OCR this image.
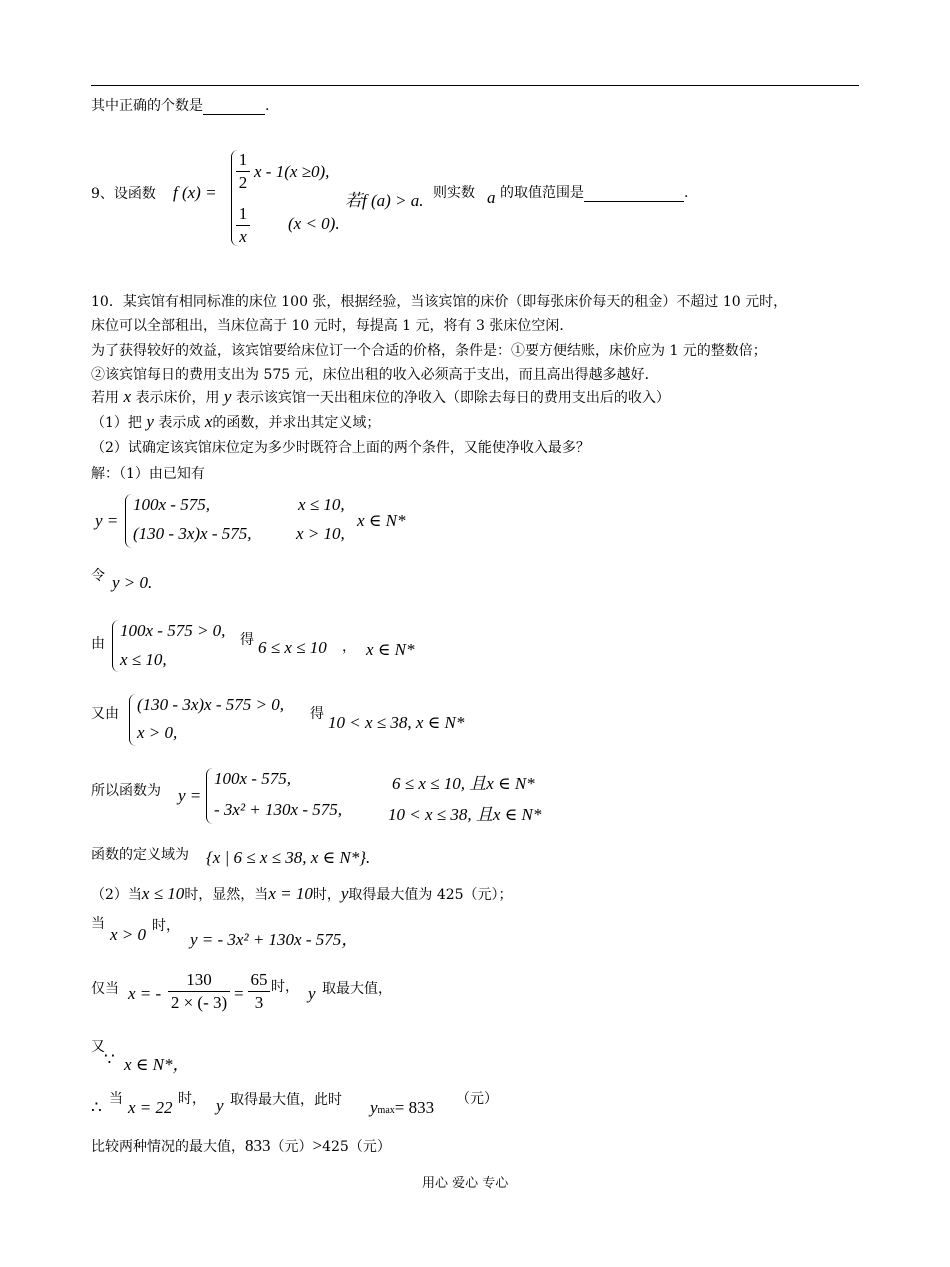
其中正确的个数是	.
9、设函数 f (x) =
1
2
x - 1(x ≥0),
1
x
(x < 0).
若f (a) > a. 则实数 a 的取值范围是	.
10．某宾馆有相同标准的床位 100 张，根据经验，当该宾馆的床价（即每张床价每天的租金）不超过 10 元时，
床位可以全部租出，当床位高于 10 元时，每提高 1 元，将有 3 张床位空闲．
为了获得较好的效益，该宾馆要给床位订一个合适的价格，条件是：①要方便结账，床价应为 1 元的整数倍；
②该宾馆每日的费用支出为 575 元，床位出租的收入必须高于支出，而且高出得越多越好．
若用 x 表示床价，用 y 表示该宾馆一天出租床位的净收入（即除去每日的费用支出后的收入）
（1）把 y 表示成 x的函数，并求出其定义域；
（2）试确定该宾馆床位定为多少时既符合上面的两个条件，又能使净收入最多？
解：（1）由已知有
y =
100x - 575,	x ≤ 10,
(130 - 3x)x - 575,	x > 10,
x ∈ N*
令 y > 0.
由
100x - 575 > 0,
x ≤ 10,
得 6 ≤ x ≤ 10 ， x ∈ N*
又由 (130 - 3x)x - 575 > 0,
x > 0,
得 10 < x ≤ 38, x ∈ N*
所以函数为 y =
100x - 575,	6 ≤ x ≤ 10, 且x ∈ N*
- 3x² + 130x - 575,	10 < x ≤ 38, 且x ∈ N*
函数的定义域为 {x | 6 ≤ x ≤ 38, x ∈ N*}.
（2）当x ≤ 10时，显然，当x = 10时，y取得最大值为 425（元）；
当
x > 0 时，
y = - 3x² + 130x - 575，
仅当 x = -
130
2 × (- 3) =
65
3
时， y 取最大值，
又
∵ x ∈ N*，
∴ 当 x = 22 时， y 取得最大值，此时 ymax= 833 （元）
比较两种情况的最大值，833（元）>425（元）
用心 爱心 专心
